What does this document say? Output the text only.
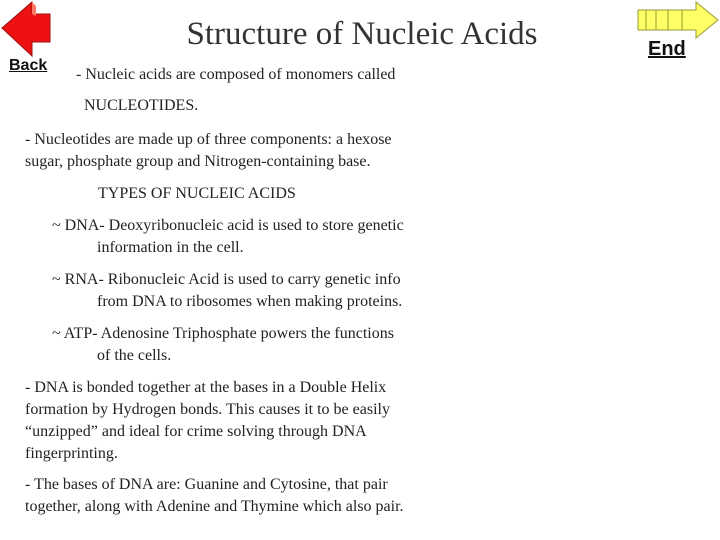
Back
End
Structure of Nucleic Acids
- Nucleic acids are composed of monomers called
NUCLEOTIDES.
- Nucleotides are made up of three components: a hexose
sugar, phosphate group and Nitrogen-containing base.
TYPES OF NUCLEIC ACIDS
~ DNA- Deoxyribonucleic acid is used to store genetic
information in the cell.
~ RNA- Ribonucleic Acid is used to carry genetic info
from DNA to ribosomes when making proteins.
~ ATP- Adenosine Triphosphate powers the functions
of the cells.
- DNA is bonded together at the bases in a Double Helix
formation by Hydrogen bonds. This causes it to be easily
“unzipped” and ideal for crime solving through DNA
fingerprinting.
- The bases of DNA are: Guanine and Cytosine, that pair
together, along with Adenine and Thymine which also pair.
